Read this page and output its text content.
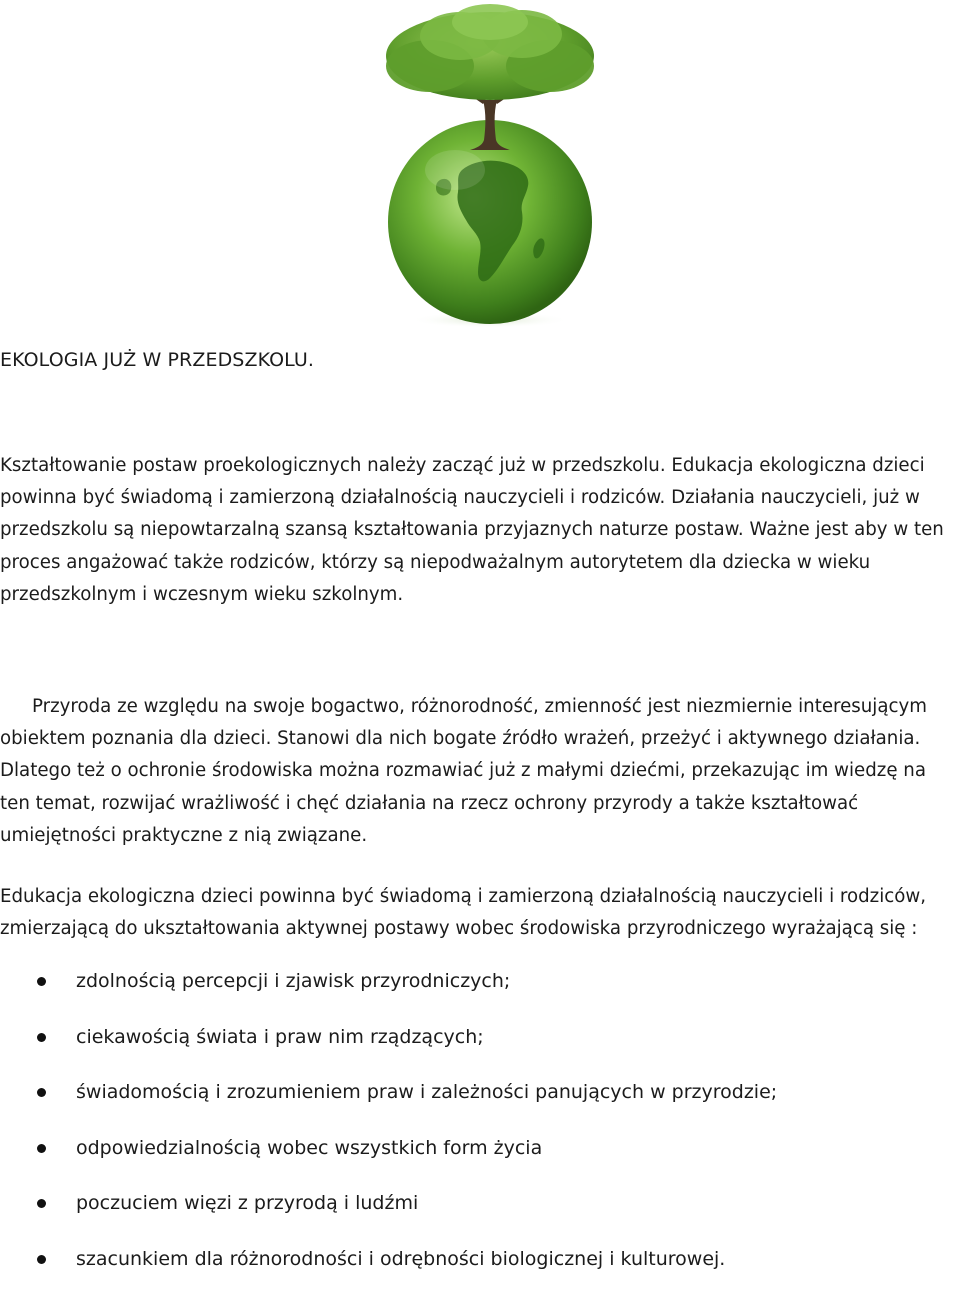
EKOLOGIA JUŻ W PRZEDSZKOLU.

Kształtowanie postaw proekologicznych należy zacząć już w przedszkolu. Edukacja ekologiczna dzieci powinna być świadomą i zamierzoną działalnością nauczycieli i rodziców. Działania nauczycieli, już w przedszkolu są niepowtarzalną szansą kształtowania przyjaznych naturze postaw. Ważne jest aby w ten proces angażować także rodziców, którzy są niepodważalnym autorytetem dla dziecka w wieku przedszkolnym i wczesnym wieku szkolnym.

Przyroda ze względu na swoje bogactwo, różnorodność, zmienność jest niezmiernie interesującym obiektem poznania dla dzieci. Stanowi dla nich bogate źródło wrażeń, przeżyć i aktywnego działania. Dlatego też o ochronie środowiska można rozmawiać już z małymi dziećmi, przekazując im wiedzę na ten temat, rozwijać wrażliwość i chęć działania na rzecz ochrony przyrody a także kształtować umiejętności praktyczne z nią związane.

Edukacja ekologiczna dzieci powinna być świadomą i zamierzoną działalnością nauczycieli i rodziców, zmierzającą do ukształtowania aktywnej postawy wobec środowiska przyrodniczego wyrażającą się :

zdolnością percepcji i zjawisk przyrodniczych;
ciekawością świata i praw nim rządzących;
świadomością i zrozumieniem praw i zależności panujących w przyrodzie;
odpowiedzialnością wobec wszystkich form życia
poczuciem więzi z przyrodą i ludźmi
szacunkiem dla różnorodności i odrębności biologicznej i kulturowej.
